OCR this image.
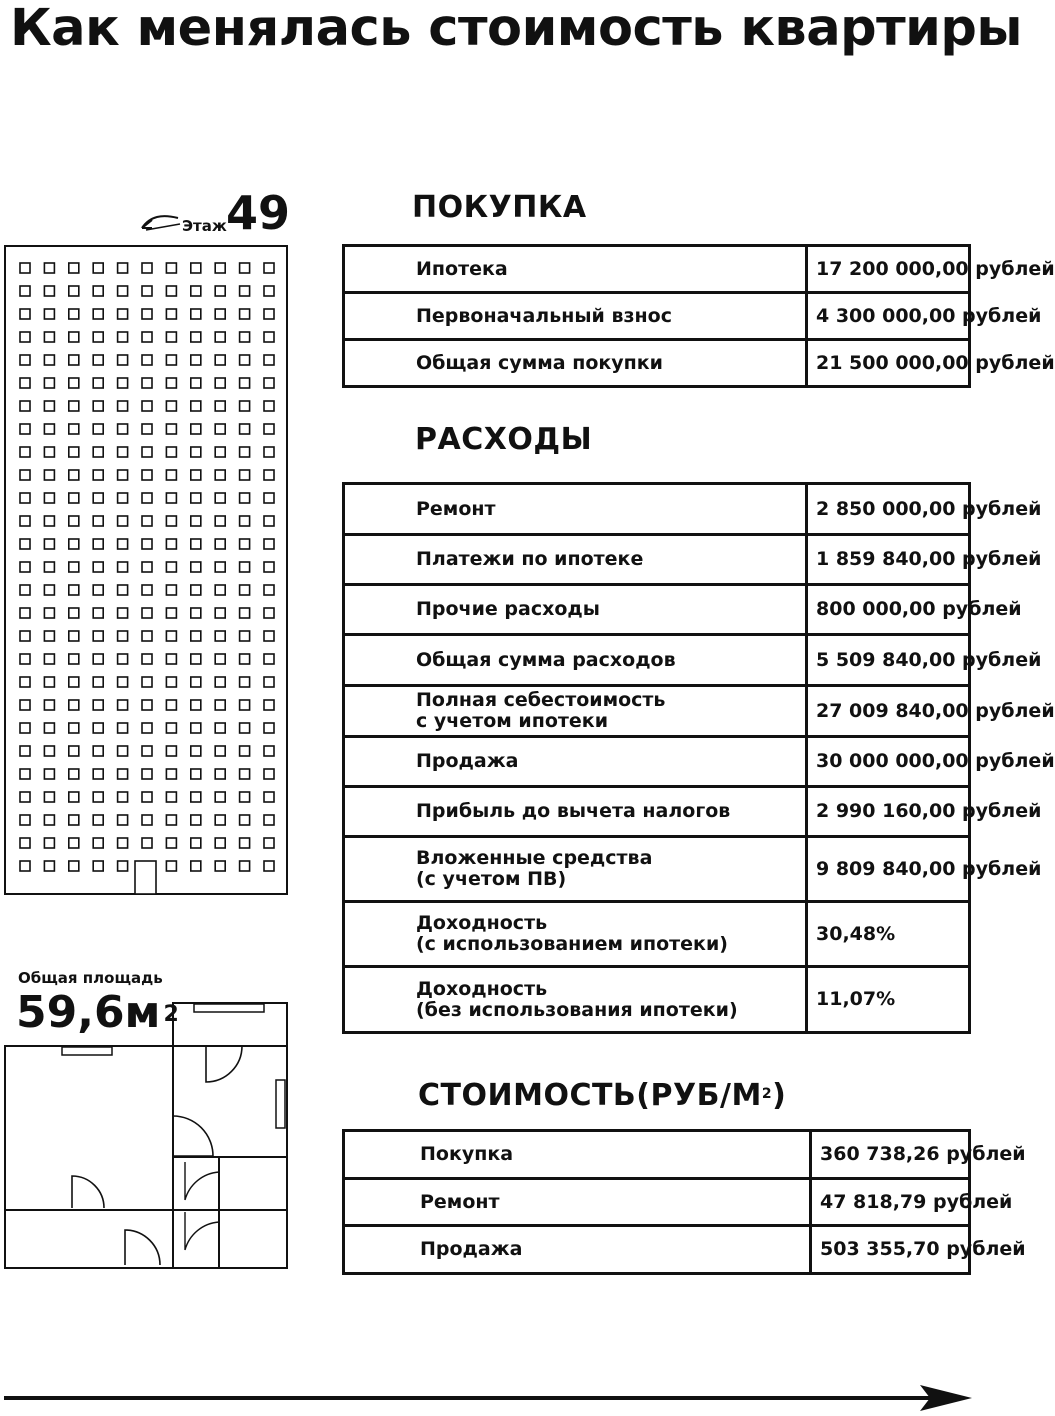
Как менялась стоимость квартиры
Этаж 49
Общая площадь
59,6м $^2$
ПОКУПКА
Ипотека	17 200 000,00 рублей
Первоначальный взнос	4 300 000,00 рублей
Общая сумма покупки	21 500 000,00 рублей
РАСХОДЫ
Ремонт	2 850 000,00 рублей
Платежи по ипотеке	1 859 840,00 рублей
Прочие расходы	800 000,00 рублей
Общая сумма расходов	5 509 840,00 рублей

Полная себестоимость
с учетом ипотеки	27 009 840,00 рублей
Продажа	30 000 000,00 рублей
Прибыль до вычета налогов	2 990 160,00 рублей

Вложенные средства
(с учетом ПВ)	9 809 840,00 рублей

Доходность
(с использованием ипотеки)	30,48%

Доходность
(без использования ипотеки)	11,07%
$СТОИМОСТЬ(РУБ/М^2)$
Покупка	360 738,26 рублей
Ремонт	47 818,79 рублей
Продажа	503 355,70 рублей
